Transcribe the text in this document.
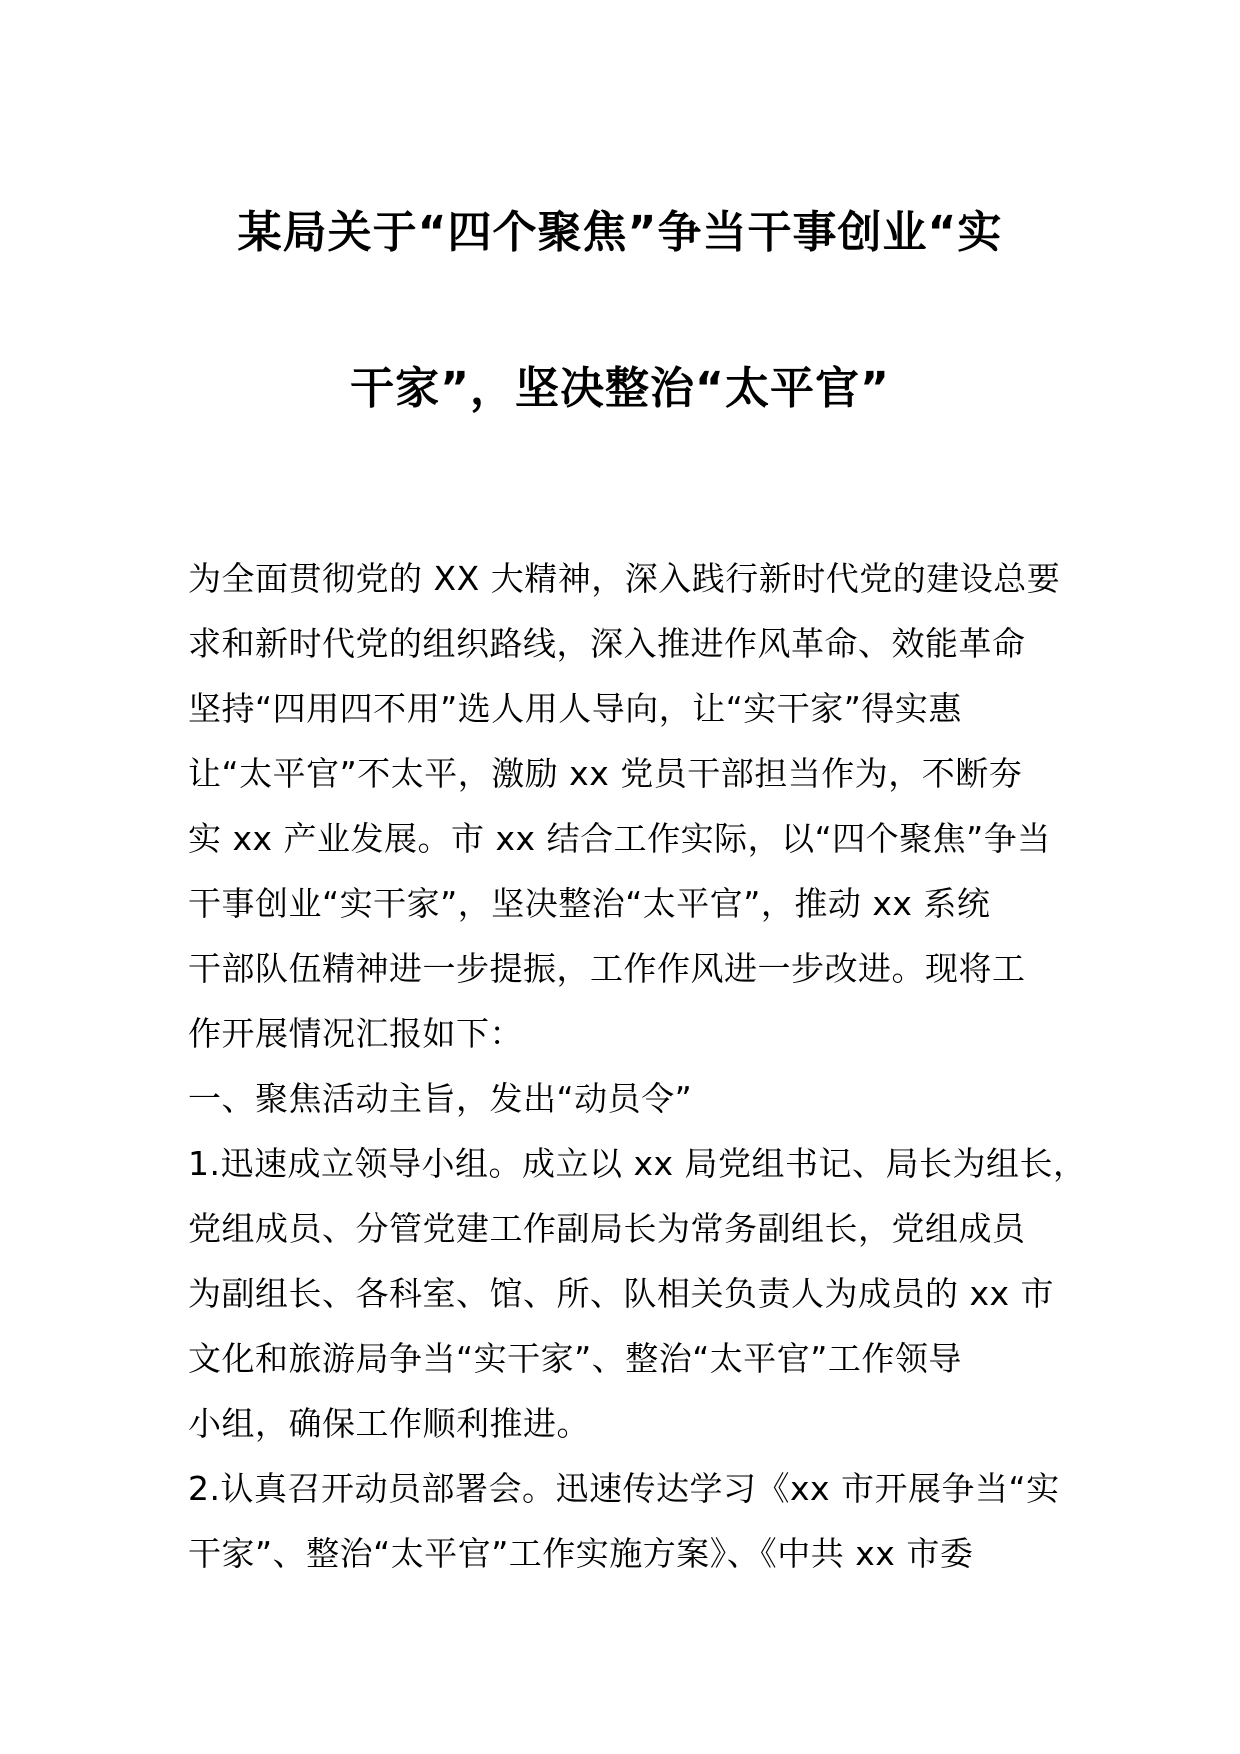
某局关于“四个聚焦”争当干事创业“实
干家”，坚决整治“太平官”
为全面贯彻党的 XX 大精神，深入践行新时代党的建设总要
求和新时代党的组织路线，深入推进作风革命、效能革命
坚持“四用四不用”选人用人导向，让“实干家”得实惠
让“太平官”不太平，激励 xx 党员干部担当作为，不断夯
实 xx 产业发展。市 xx 结合工作实际，以“四个聚焦”争当
干事创业“实干家”，坚决整治“太平官”，推动 xx 系统
干部队伍精神进一步提振，工作作风进一步改进。现将工
作开展情况汇报如下：
一、聚焦活动主旨，发出“动员令”
1.迅速成立领导小组。成立以 xx 局党组书记、局长为组长，
党组成员、分管党建工作副局长为常务副组长，党组成员
为副组长、各科室、馆、所、队相关负责人为成员的 xx 市
文化和旅游局争当“实干家”、整治“太平官”工作领导
小组，确保工作顺利推进。
2.认真召开动员部署会。迅速传达学习《xx 市开展争当“实
干家”、整治“太平官”工作实施方案》、《中共 xx 市委
